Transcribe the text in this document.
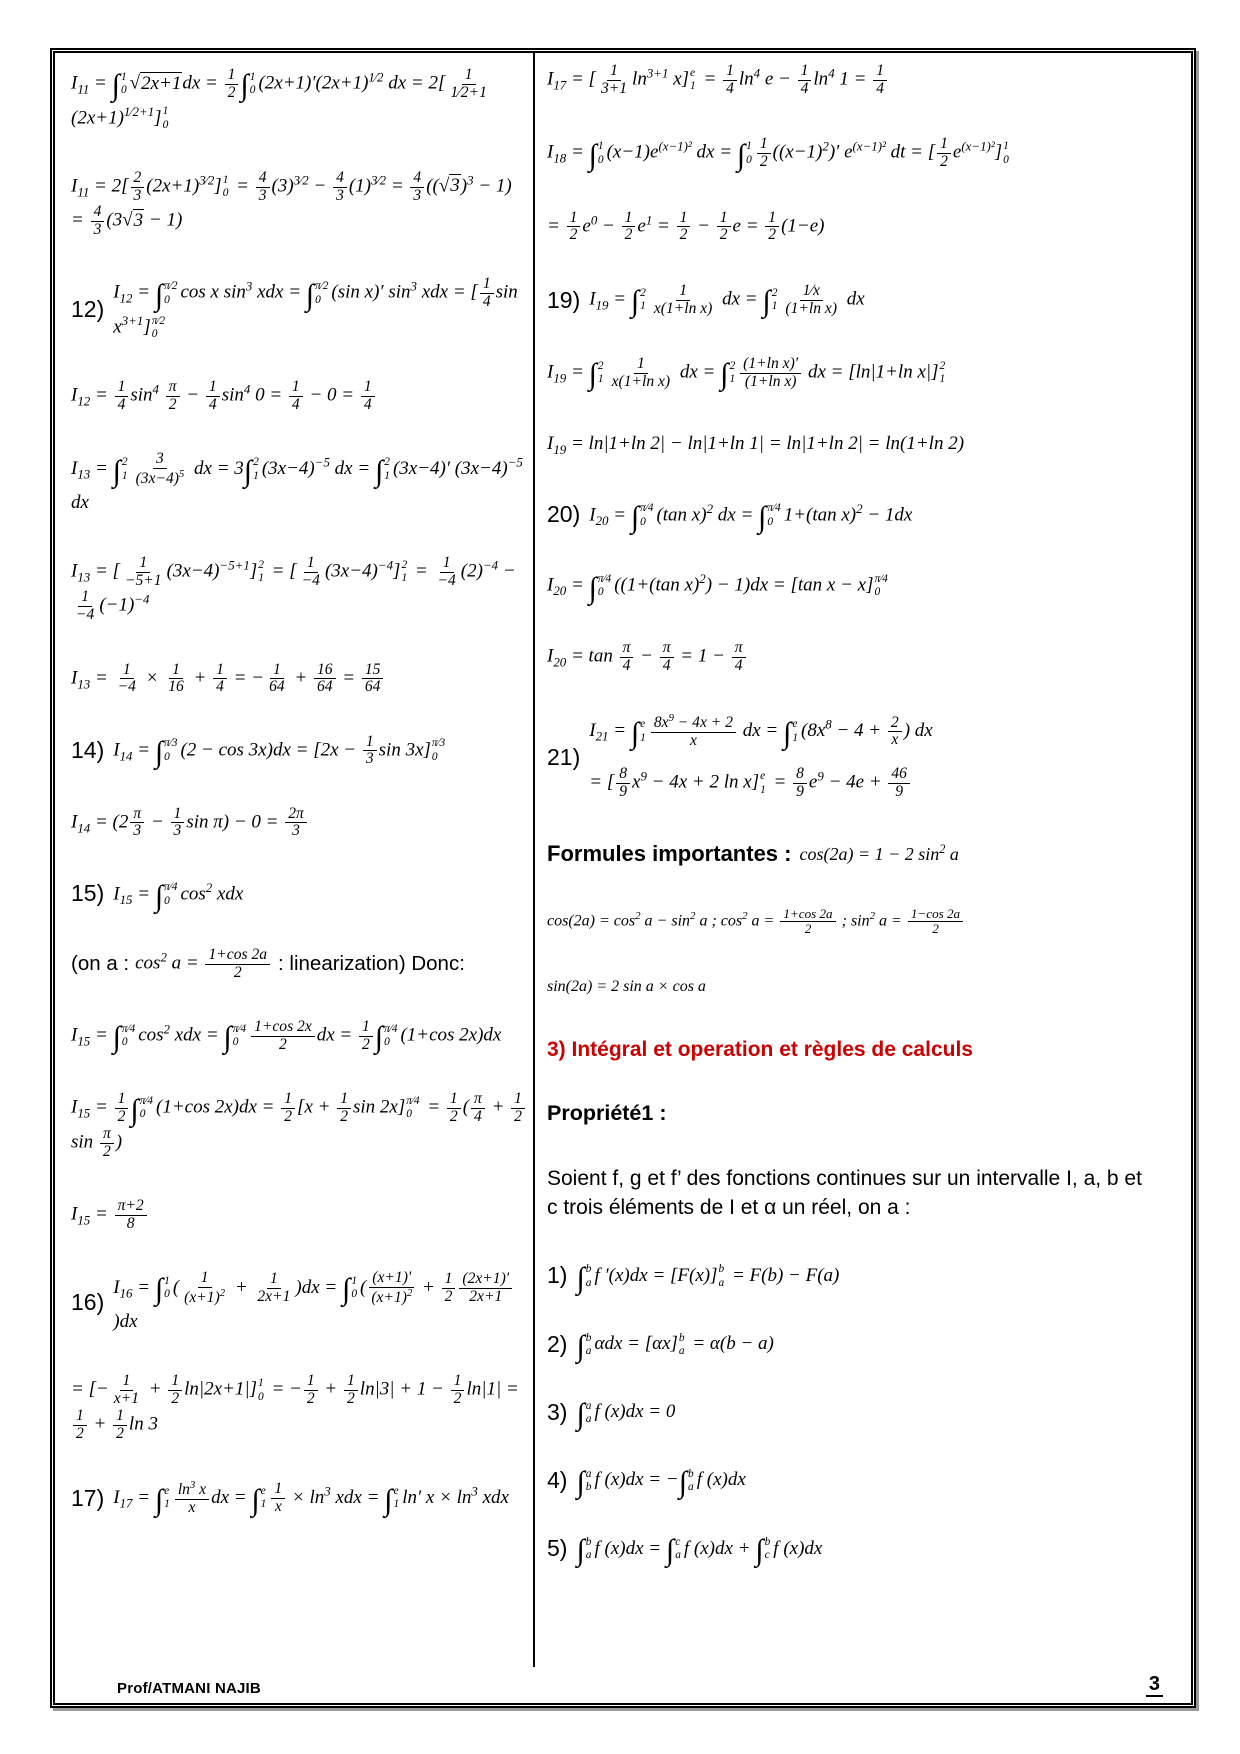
$I_{11}$ = ∫ 1
0 $√2x+1dx = \frac{1}{2}$ ∫ 1
0 $(2x+1)'(2x+1)^{1∕2}$ dx = $2[ \frac{1}{1∕2+1}$
$(2x+1)^{1∕2+1}$] 1
0
$I_{11} = 2[ \frac{2}{3} (2x+1)^{3∕2}]$ 1
$0 = \frac{4}{3} (3)^{3∕2} - \frac{4}{3} (1)^{3∕2} = \frac{4}{3} ((√3)^3 - 1) = \frac{4}{3} (3√3 - 1)$
12)
$I_{12}$ = ∫ π∕2
0 cos x $\sin^3$ xdx = ∫ π∕2
0 (sin x)′ $\sin^3$ xdx = [ $\frac{1}{4}$ $\sin x^{3+1}$] π∕2
0
$I_{12} = \frac{1}{4} \sin^4 \frac{\pi}{2} - \frac{1}{4} \sin^4 0 = \frac{1}{4} - 0 = \frac{1}{4}$
$I_{13}$ = ∫ 2
$1 \frac{3}{(3x-4)^5}$ dx = 3∫ 2
1 $(3x-4)^{-5}$ dx = ∫ 2
1 (3x−4)′ $(3x-4)^{-5}$ dx
$I_{13}$ = [ $\frac{1}{-5+1} (3x-4)^{-5+1}$] 2
1 = [ $\frac{1}{-4} (3x-4)^{-4}$] 2
$1 = \frac{1}{-4} (2)^{-4}$ −
$\frac{1}{-4} (-1)^{-4}$
$I_{13} = \frac{1}{-4} \times \frac{1}{16} + \frac{1}{4}$ = − $\frac{1}{64} + \frac{16}{64} = \frac{15}{64}$
14) $I_{14}$ = ∫ π∕3
0 $(2 - \cos 3x)dx = [2x - \frac{1}{3}$ sin 3x] π∕3
0
$I_{14} = (2 \frac{\pi}{3} - \frac{1}{3}$ $\sin \pi) - 0 = \frac{2\pi}{3}$
15) $I_{15}$ = ∫ π∕4
0 $\cos^2$ xdx
(on a : $\cos^2 a = \frac{1+\cos 2a}{2}$ : linearization) Donc:
$I_{15}$ = ∫ π∕4
0 $\cos^2$ xdx = ∫ π∕4
$0 \frac{1+\cos 2x}{2}$ dx = $\frac{1}{2}$ ∫ π∕4
0 (1+cos 2x)dx
$I_{15} = \frac{1}{2}$ ∫ π∕4
0 (1+cos $2x)dx = \frac{1}{2} [x + \frac{1}{2}$ sin 2x] π∕4
$0 = \frac{1}{2}$ ( $\frac{\pi}{4} + \frac{1}{2}$
$\sin \frac{\pi}{2}$ )
$I_{15} = \frac{\pi+2}{8}$
16)
$I_{16}$ = ∫ 1
0 ( $\frac{1}{(x+1)^2} + \frac{1}{2x+1} )dx$ = ∫ 1
0 ( $\frac{(x+1)'}{(x+1)^2} + \frac{1}{2} \frac{(2x+1)'}{2x+1}$
)dx
= [− $\frac{1}{x+1} + \frac{1}{2} \ln|2x+1|$] 1
0 = − $\frac{1}{2} + \frac{1}{2} \ln|3| + 1 - \frac{1}{2} \ln|1|$ =
$\frac{1}{2} + \frac{1}{2}$ ln 3
17) $I_{17}$ = ∫ e
$1 \frac{\ln^3 x}{x}$ dx = ∫ e
$1 \frac{1}{x} \times \ln^3$ xdx = ∫ e
1 ln′ $x \times \ln^3$ xdx
$I_{17}$ = [ $\frac{1}{3+1} \ln^{3+1} x$] e
$1 = \frac{1}{4} \ln^4 e - \frac{1}{4} \ln^4 1 = \frac{1}{4}$
$I_{18}$ = ∫ 1
0 $(x-1)e^{(x-1)^2}$ dx = ∫ 1
$0 \frac{1}{2} ((x-1)^2)'$ $e^{(x-1)^2}$ dt = [ $\frac{1}{2} e^{(x-1)^2}$] 1
0
= $\frac{1}{2} e^0 - \frac{1}{2} e^1 = \frac{1}{2} - \frac{1}{2}$ $e = \frac{1}{2} (1-e)$
19) $I_{19}$ = ∫ 2
$1 \frac{1}{\text{x(1+ln x)}}$ dx = ∫ 2
$1 \frac{1∕x}{\text{(1+ln x)}}$ dx
$I_{19}$ = ∫ 2
$1 \frac{1}{\text{x(1+ln x)}}$ dx = ∫ 2
$1 \frac{\text{(1+ln x)′}}{\text{(1+ln x)}}$ dx = [ln|1+ln x|] 2
1
$I_{19} = \ln|1+\ln$ 2| − ln|1+ln 1| = ln|1+ln 2| = ln(1+ln 2)
20) $I_{20}$ = ∫ π∕4
0 (tan x)$^2$ dx = ∫ π∕4
0 1+(tan x)$^2$ − 1dx
$I_{20}$ = ∫ π∕4
0 ((1+(tan x)$^2$) − 1)dx = [tan x − x] π∕4
0
$I_{20} = \tan \frac{\pi}{4} - \frac{\pi}{4} = 1 - \frac{\pi}{4}$
21)
$I_{21}$ = ∫ e
$1 \frac{8x^9 - 4x + 2}{x}$ dx = ∫ e
1 ($8x^8 - 4 + \frac{2}{x}$ ) dx
= [ $\frac{8}{9} x^9 - 4x + 2$ ln x] e
$1 = \frac{8}{9} e^9 - 4e + \frac{46}{9}$
Formules importantes : cos(2a) = 1 − 2 $\sin^2 a$
$\cos(2a) = \cos^2 a - \sin^2 a$ ; $\cos^2 a = \frac{1+\cos 2a}{2}$ ; $\sin^2 a = \frac{1-\cos 2a}{2}$
sin(2a) = 2 sin a × cos a
3) Intégral et operation et règles de calculs
Propriété1 :
Soient f, g et f’ des fonctions continues sur un intervalle I, a, b et c trois éléments de I et α un réel, on a :
1) ∫ b
a f ′(x)dx = [F(x)] b
a = F(b) − F(a)
2) ∫ b
a αdx = [αx] b
a = α(b − a)
3) ∫ a
a f (x)dx = 0
4) ∫ a
b f (x)dx = −∫ b
a f (x)dx
5) ∫ b
a f (x)dx = ∫ c
a f (x)dx + ∫ b
c f (x)dx
Prof/ATMANI NAJIB	3
